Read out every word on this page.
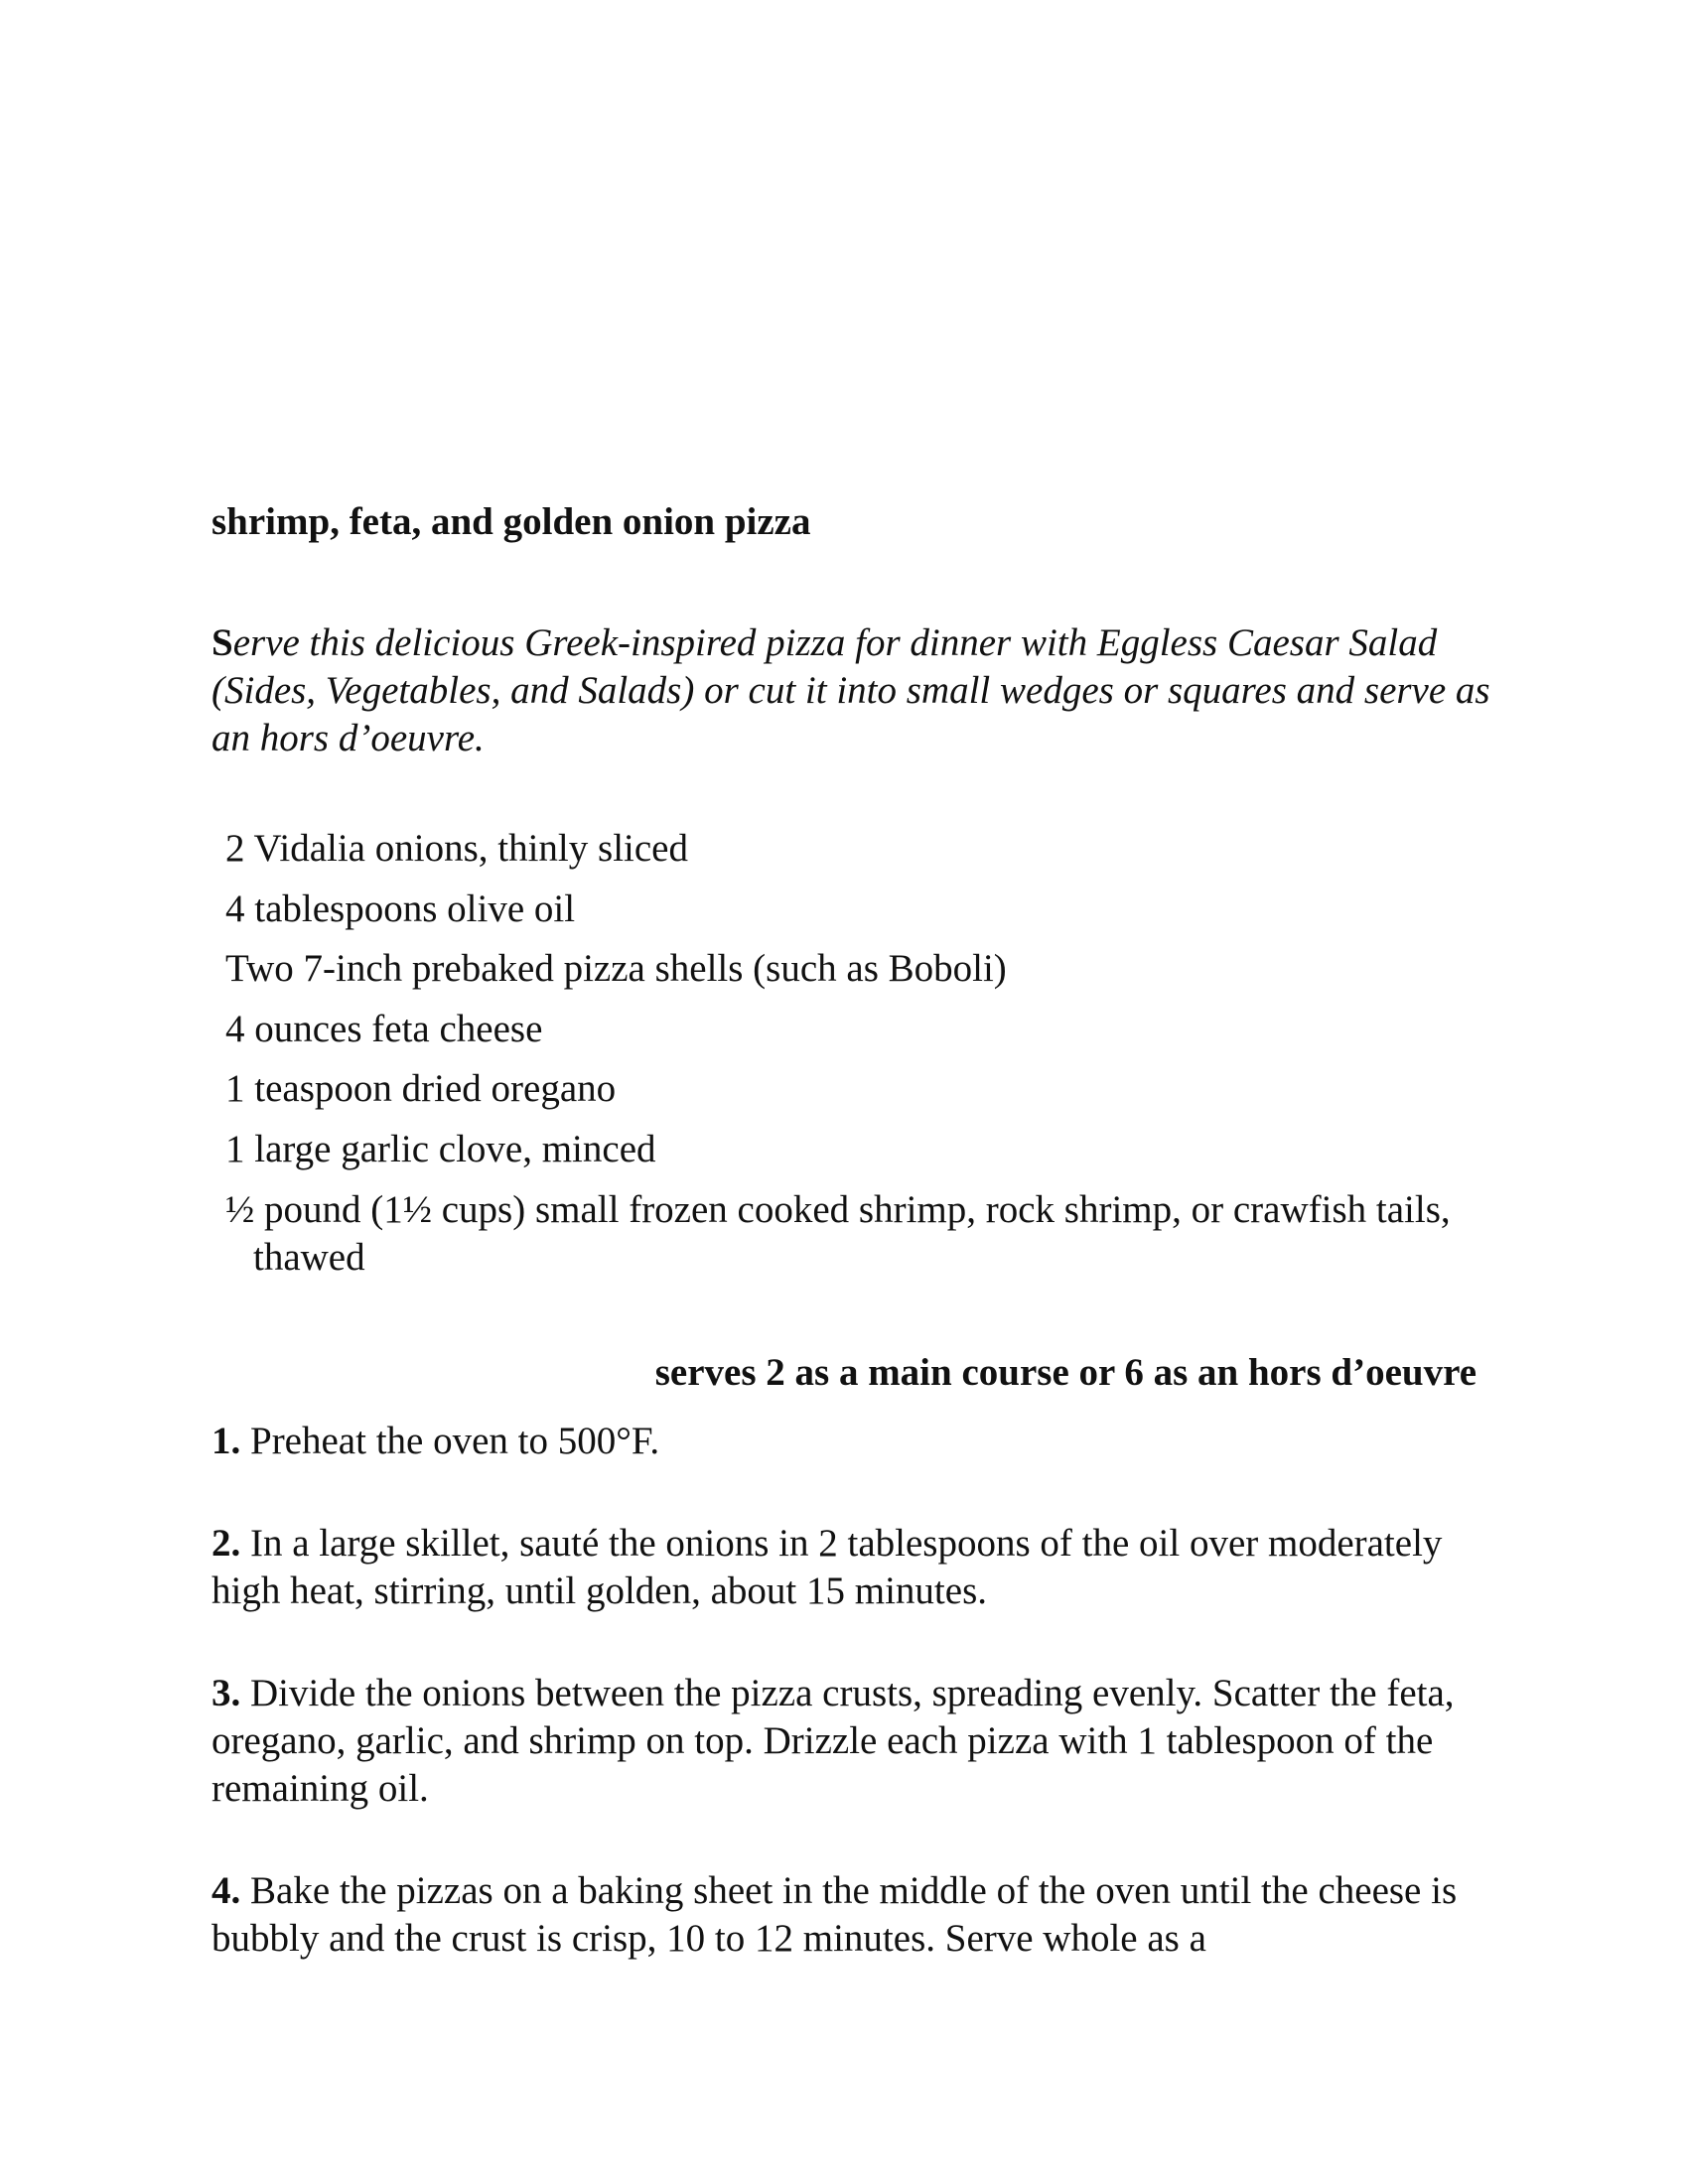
shrimp, feta, and golden onion pizza

Serve this delicious Greek-inspired pizza for dinner with Eggless Caesar Salad (Sides, Vegetables, and Salads) or cut it into small wedges or squares and serve as an hors d’oeuvre.

2 Vidalia onions, thinly sliced
4 tablespoons olive oil
Two 7-inch prebaked pizza shells (such as Boboli)
4 ounces feta cheese
1 teaspoon dried oregano
1 large garlic clove, minced
½ pound (1½ cups) small frozen cooked shrimp, rock shrimp, or crawfish tails, thawed

serves 2 as a main course or 6 as an hors d’oeuvre

1. Preheat the oven to 500°F.
2. In a large skillet, sauté the onions in 2 tablespoons of the oil over moderately high heat, stirring, until golden, about 15 minutes.
3. Divide the onions between the pizza crusts, spreading evenly. Scatter the feta, oregano, garlic, and shrimp on top. Drizzle each pizza with 1 tablespoon of the remaining oil.
4. Bake the pizzas on a baking sheet in the middle of the oven until the cheese is bubbly and the crust is crisp, 10 to 12 minutes. Serve whole as a
